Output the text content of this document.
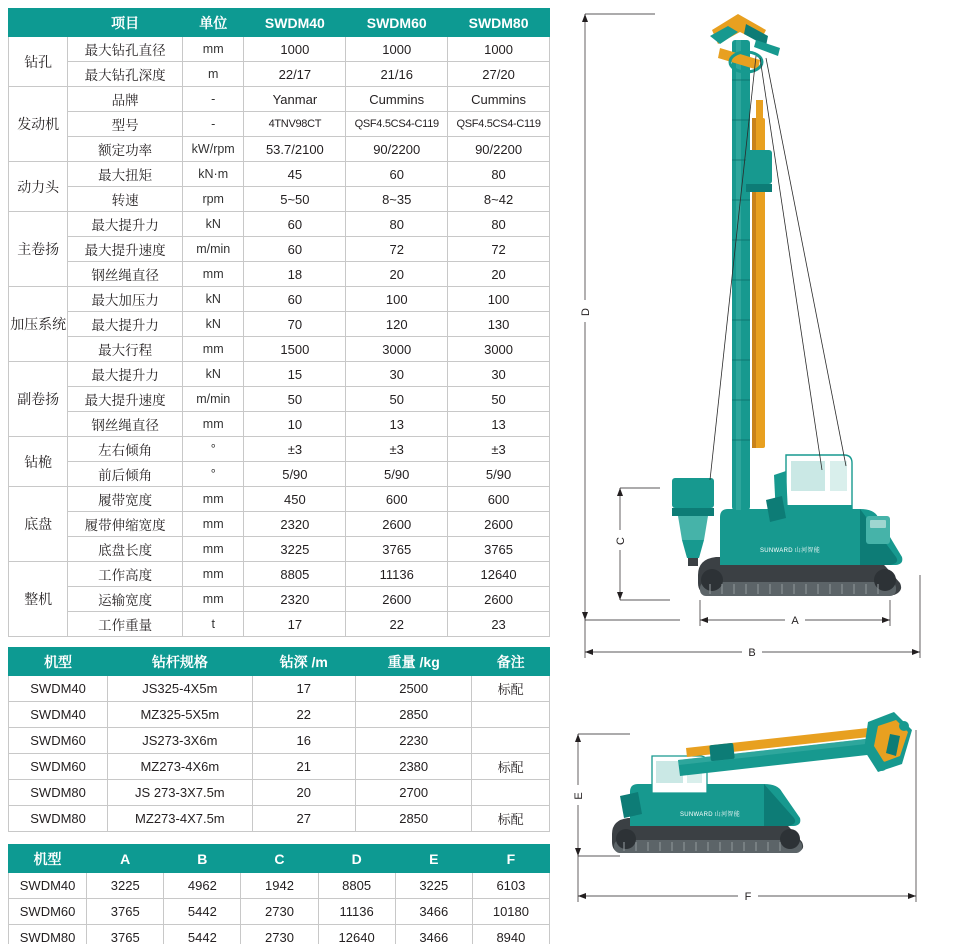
	项目	单位	SWDM40	SWDM60	SWDM80
钻孔	最大钻孔直径	mm	1000	1000	1000
	最大钻孔深度	m	22/17	21/16	27/20
发动机	品牌	-	Yanmar	Cummins	Cummins
	型号	-	4TNV98CT	QSF4.5CS4-C119	QSF4.5CS4-C119
	额定功率	kW/rpm	53.7/2100	90/2200	90/2200
动力头	最大扭矩	kN·m	45	60	80
	转速	rpm	5~50	8~35	8~42
主卷扬	最大提升力	kN	60	80	80
	最大提升速度	m/min	60	72	72
	钢丝绳直径	mm	18	20	20
加压系统	最大加压力	kN	60	100	100
	最大提升力	kN	70	120	130
	最大行程	mm	1500	3000	3000
副卷扬	最大提升力	kN	15	30	30
	最大提升速度	m/min	50	50	50
	钢丝绳直径	mm	10	13	13
钻桅	左右倾角	°	±3	±3	±3
	前后倾角	°	5/90	5/90	5/90
底盘	履带宽度	mm	450	600	600
	履带伸缩宽度	mm	2320	2600	2600
	底盘长度	mm	3225	3765	3765
整机	工作高度	mm	8805	11136	12640
	运输宽度	mm	2320	2600	2600
	工作重量	t	17	22	23
机型	钻杆规格	钻深 /m	重量 /kg	备注
SWDM40	JS325-4X5m	17	2500	标配
SWDM40	MZ325-5X5m	22	2850	
SWDM60	JS273-3X6m	16	2230	
SWDM60	MZ273-4X6m	21	2380	标配
SWDM80	JS 273-3X7.5m	20	2700	
SWDM80	MZ273-4X7.5m	27	2850	标配
机型	A	B	C	D	E	F
SWDM40	3225	4962	1942	8805	3225	6103
SWDM60	3765	5442	2730	11136	3466	10180
SWDM80	3765	5442	2730	12640	3466	8940
D
C
SUNWARD 山河智能
A
B
E
SUNWARD 山河智能
F
